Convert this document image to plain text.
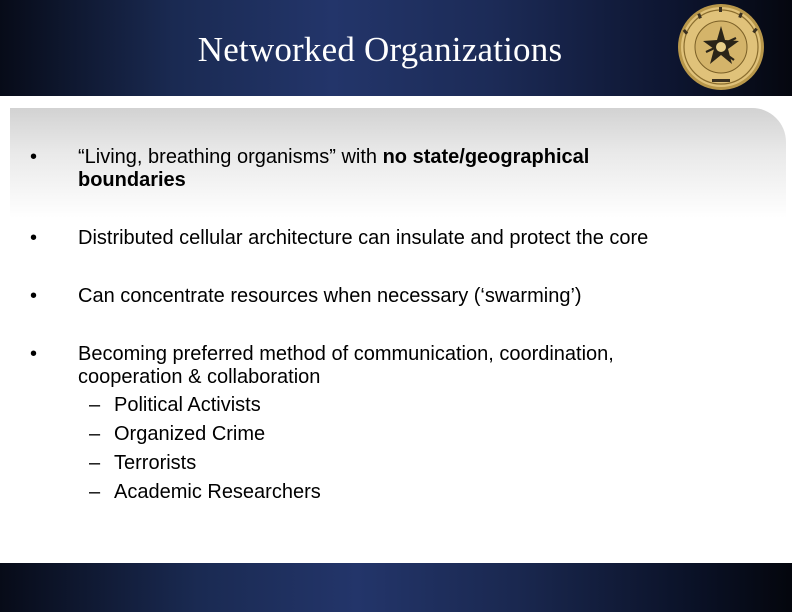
Networked Organizations
• “Living, breathing organisms” with no state/geographical
boundaries
• Distributed cellular architecture can insulate and protect the core
• Can concentrate resources when necessary (‘swarming’)
• Becoming preferred method of communication, coordination,
cooperation & collaboration
– Political Activists
– Organized Crime
– Terrorists
– Academic Researchers
